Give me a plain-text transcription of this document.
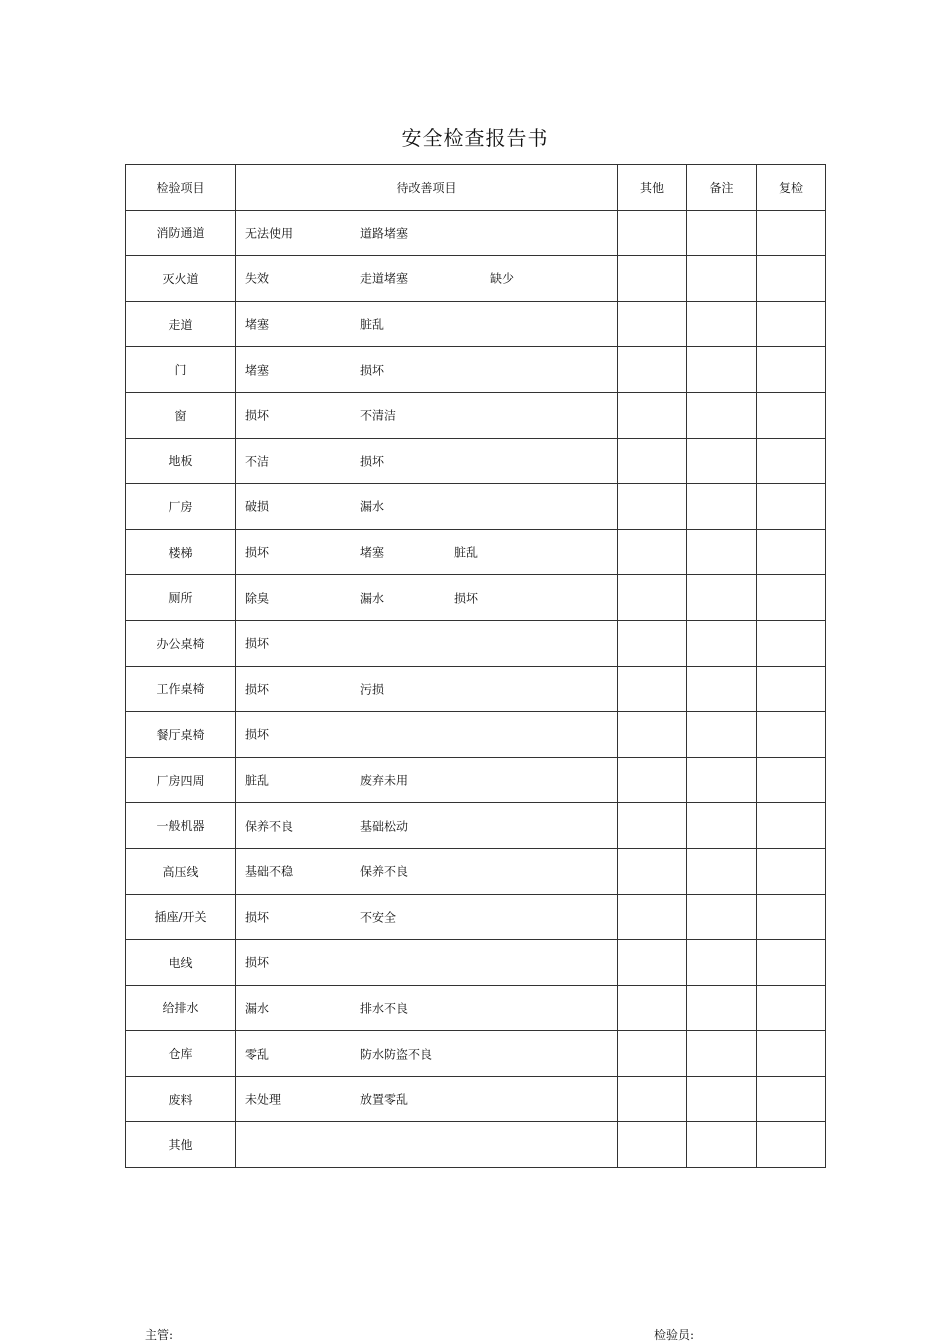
安全检查报告书
检验项目	待改善项目	其他	备注	复检
消防通道	无法使用 道路堵塞			

灭火道	失效 走道堵塞 缺少			

走道	堵塞 脏乱			

门	堵塞 损坏			

窗	损坏 不清洁			

地板	不洁 损坏			

厂房	破损 漏水			

楼梯	损坏 堵塞 脏乱			

厕所	除臭 漏水 损坏			

办公桌椅	损坏			

工作桌椅	损坏 污损			

餐厅桌椅	损坏			

厂房四周	脏乱 废弃未用			

一般机器	保养不良 基础松动			

高压线	基础不稳 保养不良			

插座/开关	损坏 不安全			

电线	损坏			

给排水	漏水 排水不良			

仓库	零乱 防水防盗不良			

废料	未处理 放置零乱			

其他				
主管:	检验员:
